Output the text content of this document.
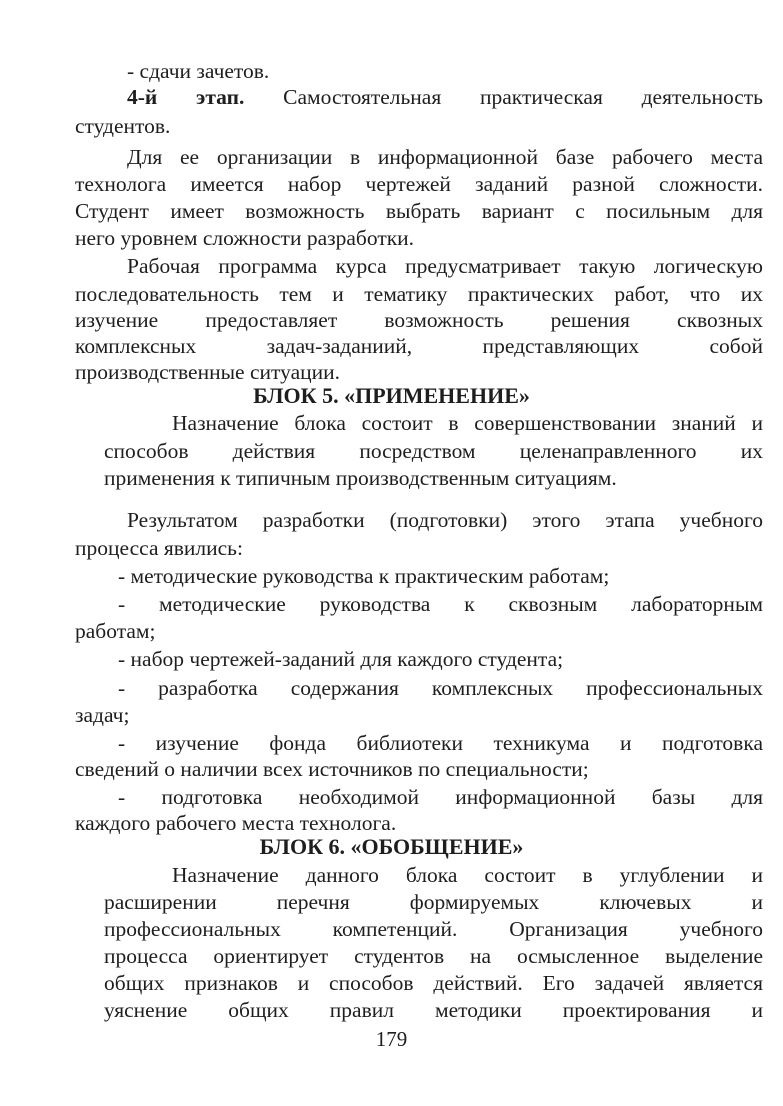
- сдачи зачетов.

4-й этап. Самостоятельная практическая деятельность

студентов.

Для ее организации в информационной базе рабочего места

технолога имеется набор чертежей заданий разной сложности.

Студент имеет возможность выбрать вариант с посильным для

него уровнем сложности разработки.

Рабочая программа курса предусматривает такую логическую

последовательность тем и тематику практических работ, что их

изучение предоставляет возможность решения сквозных

комплексных задач-заданиий, представляющих собой

производственные ситуации.

БЛОК 5. «ПРИМЕНЕНИЕ»

Назначение блока состоит в совершенствовании знаний и

способов действия посредством целенаправленного их

применения к типичным производственным ситуациям.

Результатом разработки (подготовки) этого этапа учебного

процесса явились:

- методические руководства к практическим работам;

- методические руководства к сквозным лабораторным

работам;

- набор чертежей-заданий для каждого студента;

- разработка содержания комплексных профессиональных

задач;

- изучение фонда библиотеки техникума и подготовка

сведений о наличии всех источников по специальности;

- подготовка необходимой информационной базы для

каждого рабочего места технолога.

БЛОК 6. «ОБОБЩЕНИЕ»

Назначение данного блока состоит в углублении и

расширении перечня формируемых ключевых и

профессиональных компетенций. Организация учебного

процесса ориентирует студентов на осмысленное выделение

общих признаков и способов действий. Его задачей является

уяснение общих правил методики проектирования и

179
